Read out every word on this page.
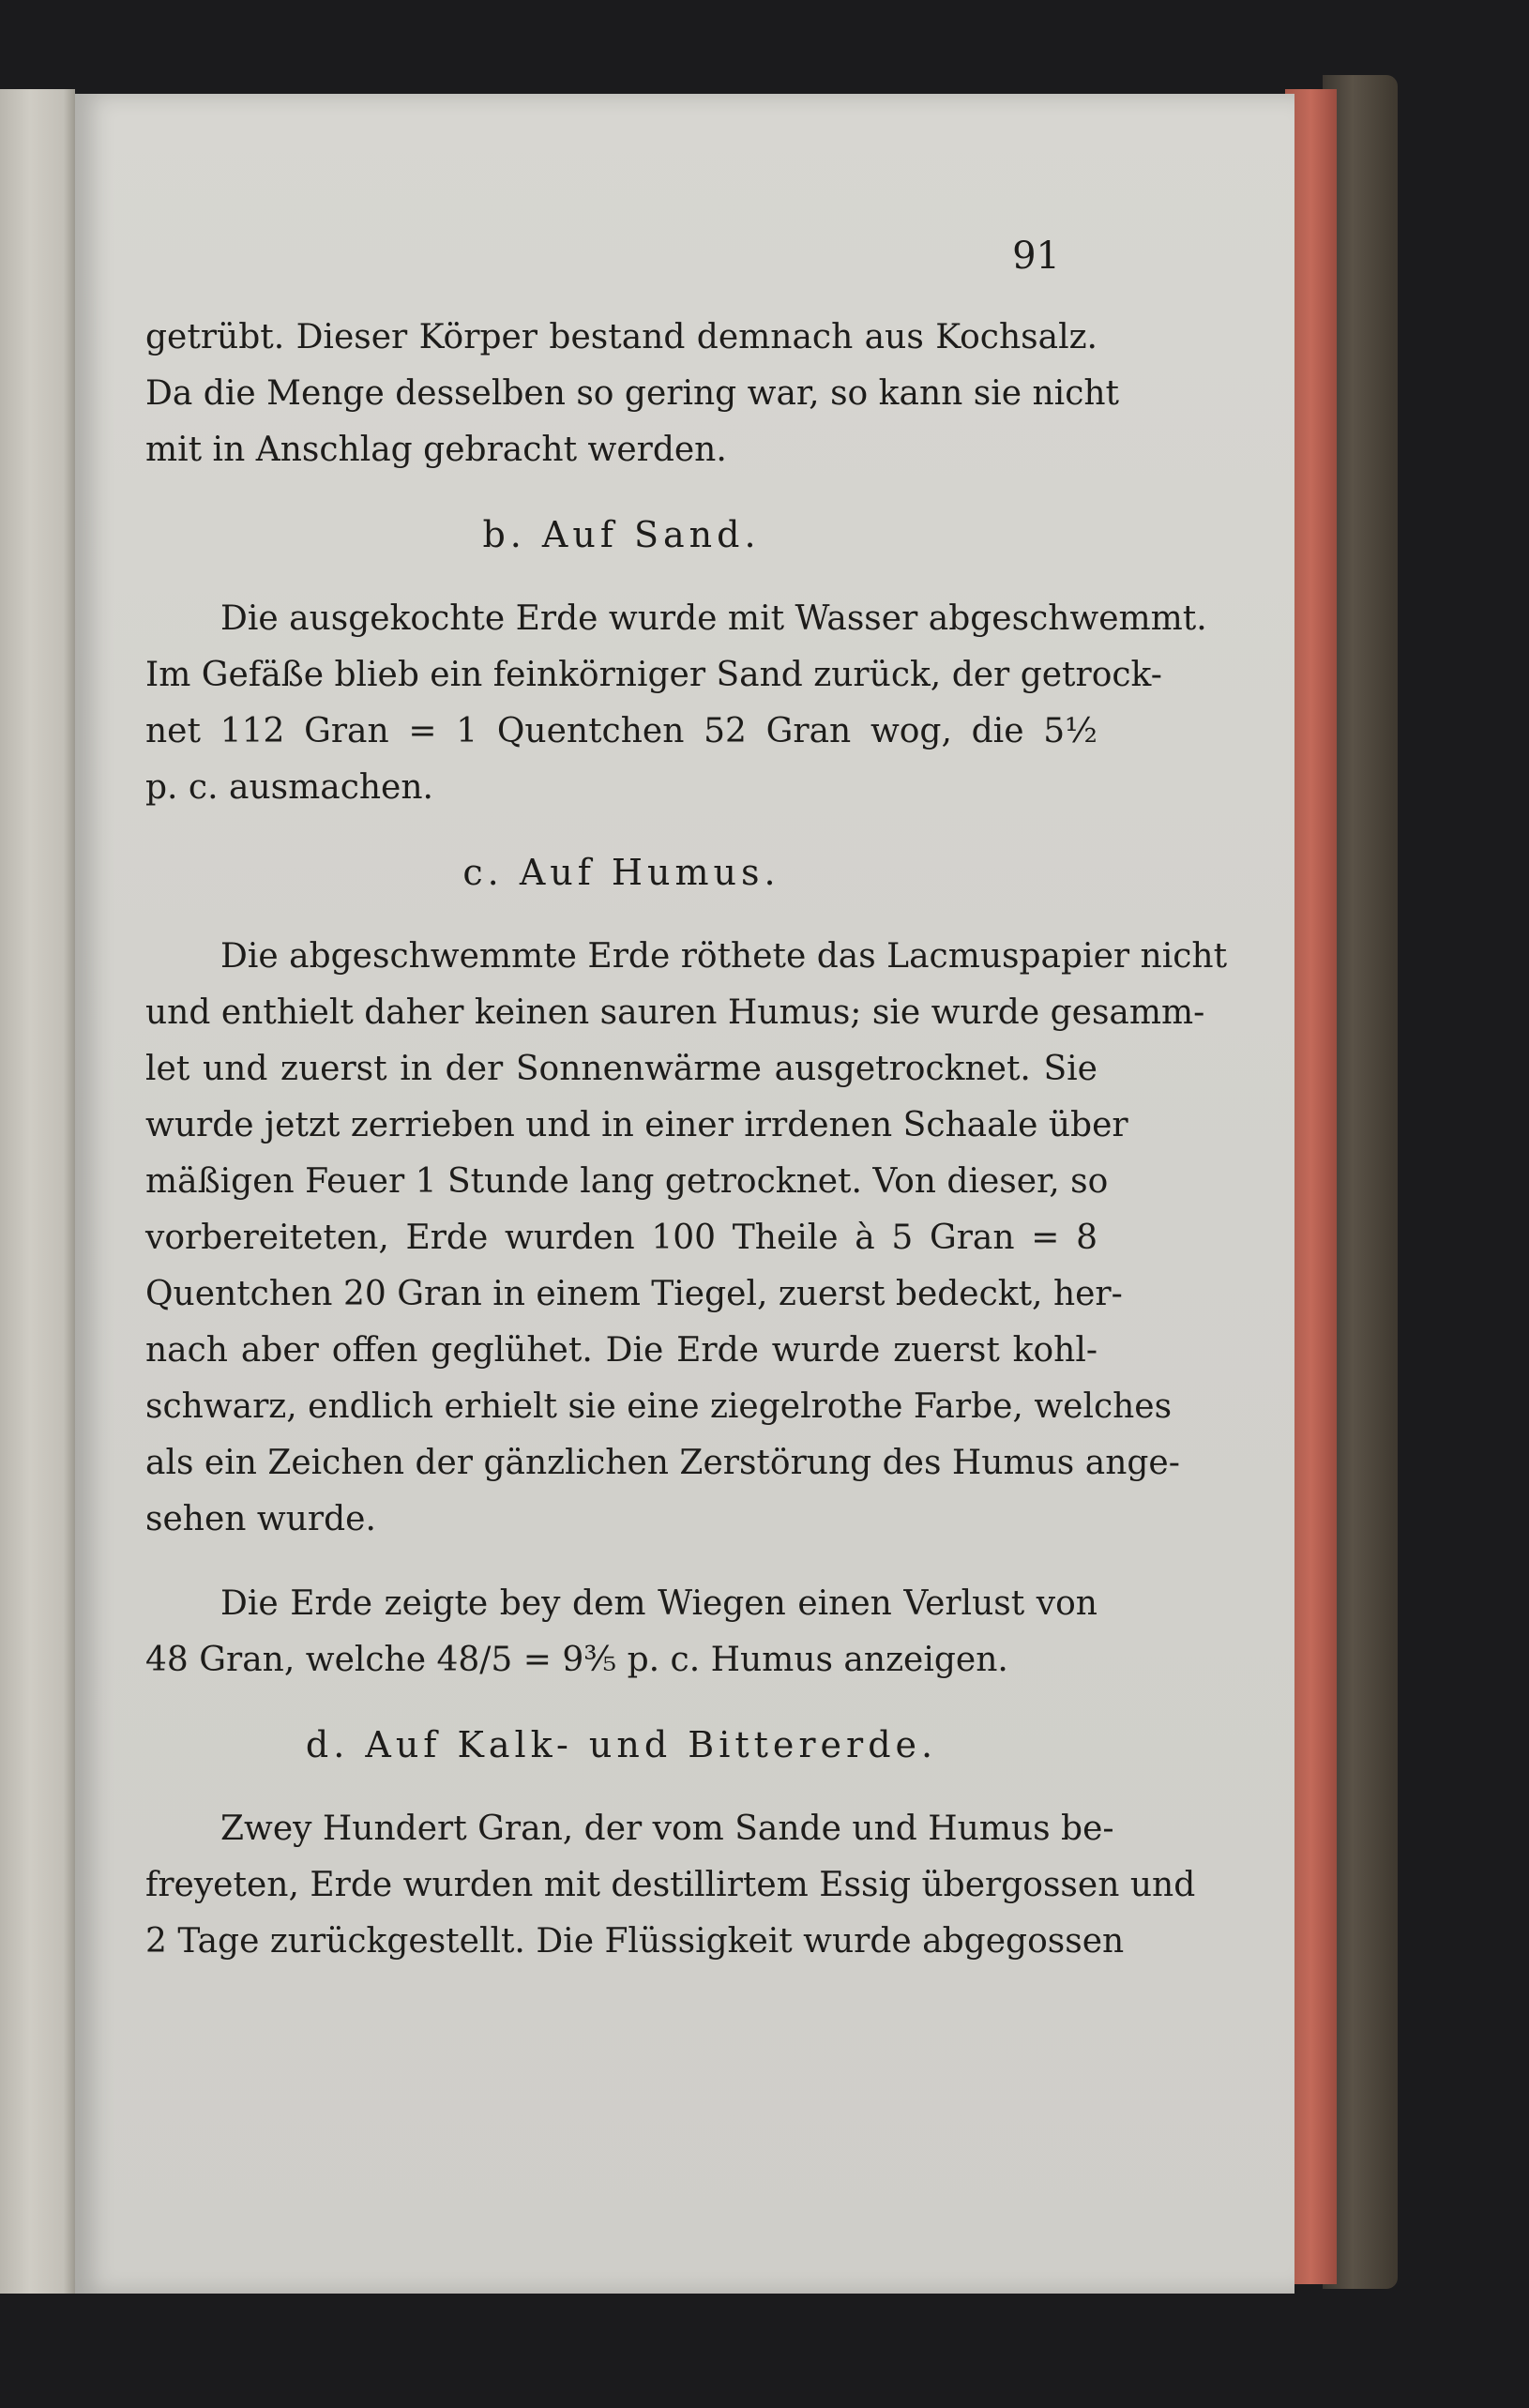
91
getrübt. Dieser Körper bestand demnach aus Kochsalz.
Da die Menge desselben so gering war, so kann sie nicht
mit in Anschlag gebracht werden.
b. Auf Sand.
Die ausgekochte Erde wurde mit Wasser abgeschwemmt.
Im Gefäße blieb ein feinkörniger Sand zurück, der getrock-
net 112 Gran = 1 Quentchen 52 Gran wog, die 5½
p. c. ausmachen.
c. Auf Humus.
Die abgeschwemmte Erde röthete das Lacmuspapier nicht
und enthielt daher keinen sauren Humus; sie wurde gesamm-
let und zuerst in der Sonnenwärme ausgetrocknet. Sie
wurde jetzt zerrieben und in einer irrdenen Schaale über
mäßigen Feuer 1 Stunde lang getrocknet. Von dieser, so
vorbereiteten, Erde wurden 100 Theile à 5 Gran = 8
Quentchen 20 Gran in einem Tiegel, zuerst bedeckt, her-
nach aber offen geglühet. Die Erde wurde zuerst kohl-
schwarz, endlich erhielt sie eine ziegelrothe Farbe, welches
als ein Zeichen der gänzlichen Zerstörung des Humus ange-
sehen wurde.
Die Erde zeigte bey dem Wiegen einen Verlust von
48 Gran, welche 48/5 = 9⅗ p. c. Humus anzeigen.
d. Auf Kalk- und Bittererde.
Zwey Hundert Gran, der vom Sande und Humus be-
freyeten, Erde wurden mit destillirtem Essig übergossen und
2 Tage zurückgestellt. Die Flüssigkeit wurde abgegossen
